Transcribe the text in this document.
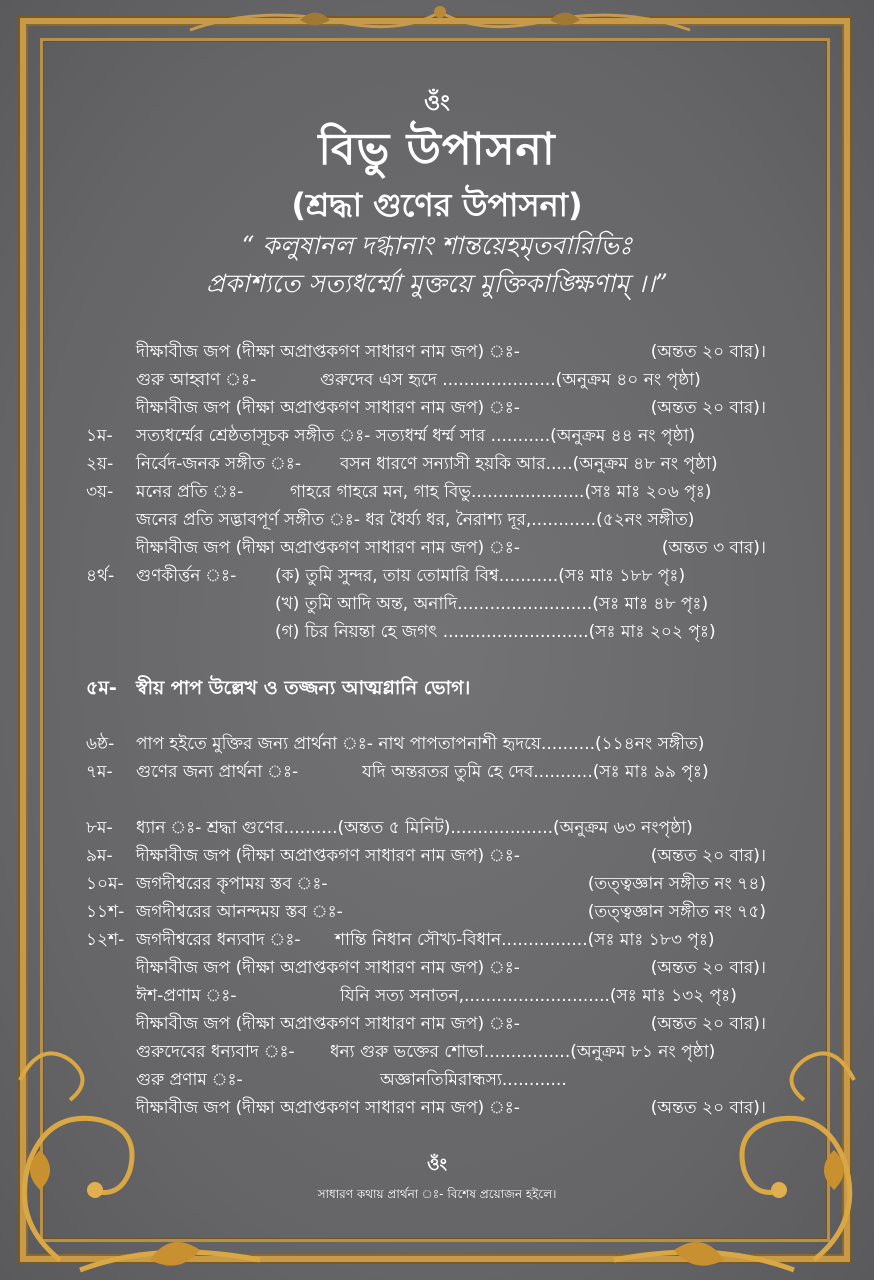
ওঁং
বিভু উপাসনা
(শ্রদ্ধা গুণের উপাসনা)
“ কলুষানল দগ্ধানাং শান্তয়েহমৃতবারিভিঃ
প্রকাশ্যতে সত্যধর্ম্মো মুক্তয়ে মুক্তিকাঙ্ক্ষিণাম্ ।।”
দীক্ষাবীজ জপ (দীক্ষা অপ্রাপ্তকগণ সাধারণ নাম জপ) ঃ-	(অন্তত ২০ বার)।
গুরু আহ্বাণ ঃ-	গুরুদেব এস হৃদে .....................(অনুক্রম ৪০ নং পৃষ্ঠা)
দীক্ষাবীজ জপ (দীক্ষা অপ্রাপ্তকগণ সাধারণ নাম জপ) ঃ-	(অন্তত ২০ বার)।
১ম- সত্যধর্ম্মের শ্রেষ্ঠতাসূচক সঙ্গীত ঃ- সত্যধর্ম্ম ধর্ম্ম সার ...........(অনুক্রম ৪৪ নং পৃষ্ঠা)
২য়- নির্বেদ-জনক সঙ্গীত ঃ- বসন ধারণে সন্যাসী হয়কি আর.....(অনুক্রম ৪৮ নং পৃষ্ঠা)
৩য়- মনের প্রতি ঃ-	গাহরে গাহরে মন, গাহ বিভু.....................(সঃ মাঃ ২০৬ পৃঃ)
জনের প্রতি সদ্ভাবপূর্ণ সঙ্গীত ঃ- ধর ধৈর্য্য ধর, নৈরাশ্য দূর,............(৫২নং সঙ্গীত)
দীক্ষাবীজ জপ (দীক্ষা অপ্রাপ্তকগণ সাধারণ নাম জপ) ঃ-	(অন্তত ৩ বার)।
৪র্থ- গুণকীর্ত্তন ঃ- (ক) তুমি সুন্দর, তায় তোমারি বিশ্ব...........(সঃ মাঃ ১৮৮ পৃঃ)
(খ) তুমি আদি অন্ত, অনাদি.........................(সঃ মাঃ ৪৮ পৃঃ)
(গ) চির নিয়ন্তা হে জগৎ ...........................(সঃ মাঃ ২০২ পৃঃ)
৫ম- স্বীয় পাপ উল্লেখ ও তজ্জন্য আত্মগ্লানি ভোগ।
৬ষ্ঠ- পাপ হইতে মুক্তির জন্য প্রার্থনা ঃ- নাথ পাপতাপনাশী হৃদয়ে..........(১১৪নং সঙ্গীত)
৭ম- গুণের জন্য প্রার্থনা ঃ-	যদি অন্তরতর তুমি হে দেব...........(সঃ মাঃ ৯৯ পৃঃ)
৮ম- ধ্যান ঃ- শ্রদ্ধা গুণের..........(অন্তত ৫ মিনিট)...................(অনুক্রম ৬৩ নংপৃষ্ঠা)
৯ম- দীক্ষাবীজ জপ (দীক্ষা অপ্রাপ্তকগণ সাধারণ নাম জপ) ঃ-	(অন্তত ২০ বার)।
১০ম- জগদীশ্বরের কৃপাময় স্তব ঃ-	(তত্ত্বজ্ঞান সঙ্গীত নং ৭৪)
১১শ- জগদীশ্বরের আনন্দময় স্তব ঃ-	(তত্ত্বজ্ঞান সঙ্গীত নং ৭৫)
১২শ- জগদীশ্বরের ধন্যবাদ ঃ- শান্তি নিধান সৌখ্য-বিধান................(সঃ মাঃ ১৮৩ পৃঃ)
দীক্ষাবীজ জপ (দীক্ষা অপ্রাপ্তকগণ সাধারণ নাম জপ) ঃ-	(অন্তত ২০ বার)।
ঈশ-প্রণাম ঃ-	যিনি সত্য সনাতন,...........................(সঃ মাঃ ১৩২ পৃঃ)
দীক্ষাবীজ জপ (দীক্ষা অপ্রাপ্তকগণ সাধারণ নাম জপ) ঃ-	(অন্তত ২০ বার)।
গুরুদেবের ধন্যবাদ ঃ- ধন্য গুরু ভক্তের শোভা................(অনুক্রম ৮১ নং পৃষ্ঠা)
গুরু প্রণাম ঃ-	অজ্ঞানতিমিরান্ধস্য............
দীক্ষাবীজ জপ (দীক্ষা অপ্রাপ্তকগণ সাধারণ নাম জপ) ঃ-	(অন্তত ২০ বার)।
ওঁং
সাধারণ কথায় প্রার্থনা ঃ- বিশেষ প্রয়োজন হইলে।
